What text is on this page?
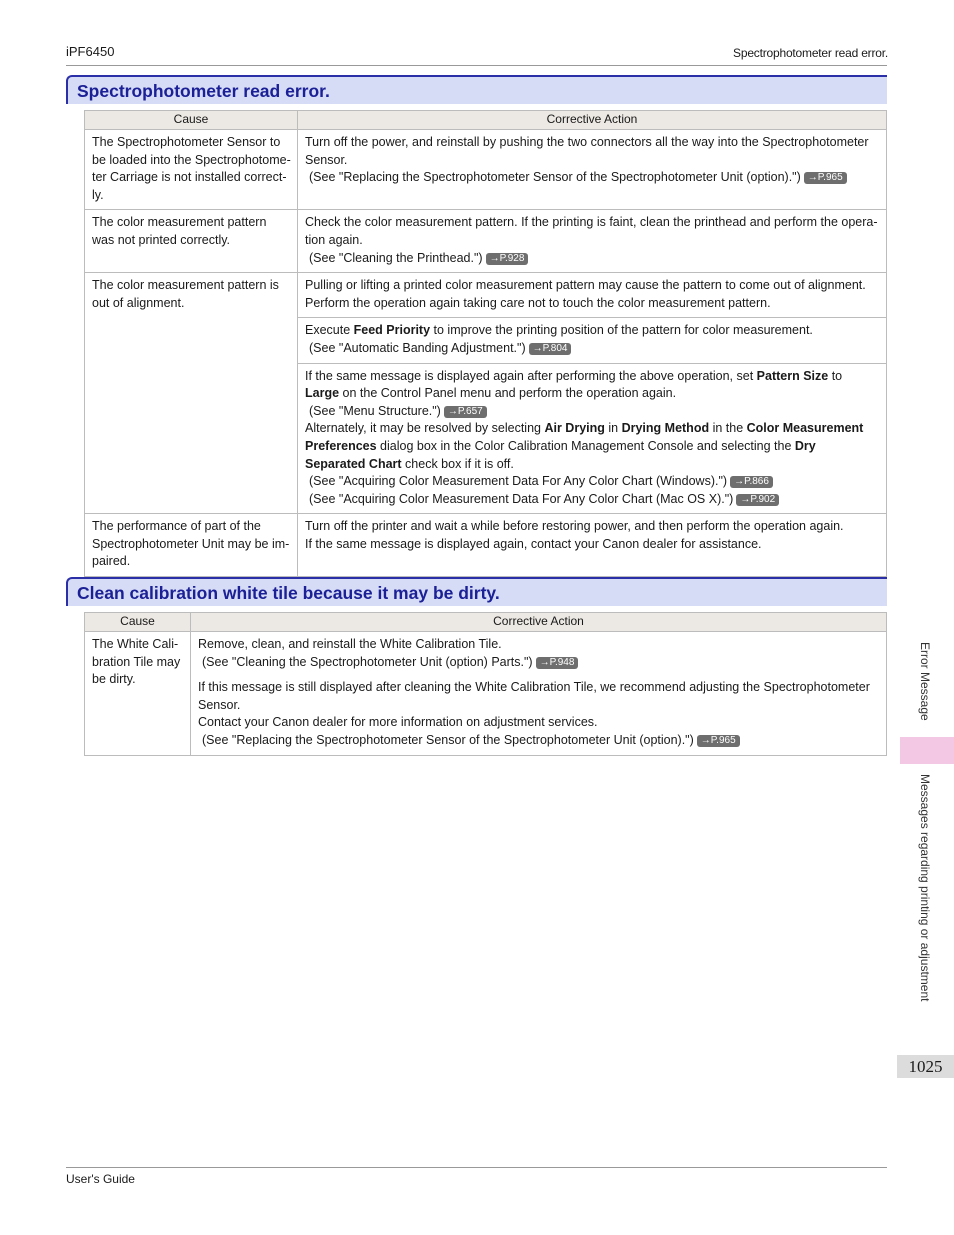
iPF6450	Spectrophotometer read error.
Spectrophotometer read error.
Cause	Corrective Action
The Spectrophotometer Sensor to be loaded into the Spectrophotome-ter Carriage is not installed correct-ly.	Turn off the power, and reinstall by pushing the two connectors all the way into the Spectrophotometer Sensor.
(See "Replacing the Spectrophotometer Sensor of the Spectrophotometer Unit (option).") →P.965

The color measurement pattern was not printed correctly.	Check the color measurement pattern. If the printing is faint, clean the printhead and perform the opera-tion again.
(See "Cleaning the Printhead.") →P.928

The color measurement pattern is out of alignment.	Pulling or lifting a printed color measurement pattern may cause the pattern to come out of alignment. Perform the operation again taking care not to touch the color measurement pattern.
	Execute Feed Priority to improve the printing position of the pattern for color measurement.
(See "Automatic Banding Adjustment.") →P.804

	If the same message is displayed again after performing the above operation, set Pattern Size to Large on the Control Panel menu and perform the operation again.
(See "Menu Structure.") →P.657
Alternately, it may be resolved by selecting Air Drying in Drying Method in the Color Measurement Preferences dialog box in the Color Calibration Management Console and selecting the Dry Separated Chart check box if it is off.
(See "Acquiring Color Measurement Data For Any Color Chart (Windows).") →P.866
(See "Acquiring Color Measurement Data For Any Color Chart (Mac OS X).") →P.902

The performance of part of the Spectrophotometer Unit may be im-paired.	Turn off the printer and wait a while before restoring power, and then perform the operation again.
If the same message is displayed again, contact your Canon dealer for assistance.
Clean calibration white tile because it may be dirty.
Cause	Corrective Action
The White Cali-bration Tile may be dirty.	Remove, clean, and reinstall the White Calibration Tile.
(See "Cleaning the Spectrophotometer Unit (option) Parts.") →P.948
If this message is still displayed after cleaning the White Calibration Tile, we recommend adjusting the Spectrophotometer Sensor.
Contact your Canon dealer for more information on adjustment services.
(See "Replacing the Spectrophotometer Sensor of the Spectrophotometer Unit (option).") →P.965
Error Message
Messages regarding printing or adjustment
1025
User's Guide
